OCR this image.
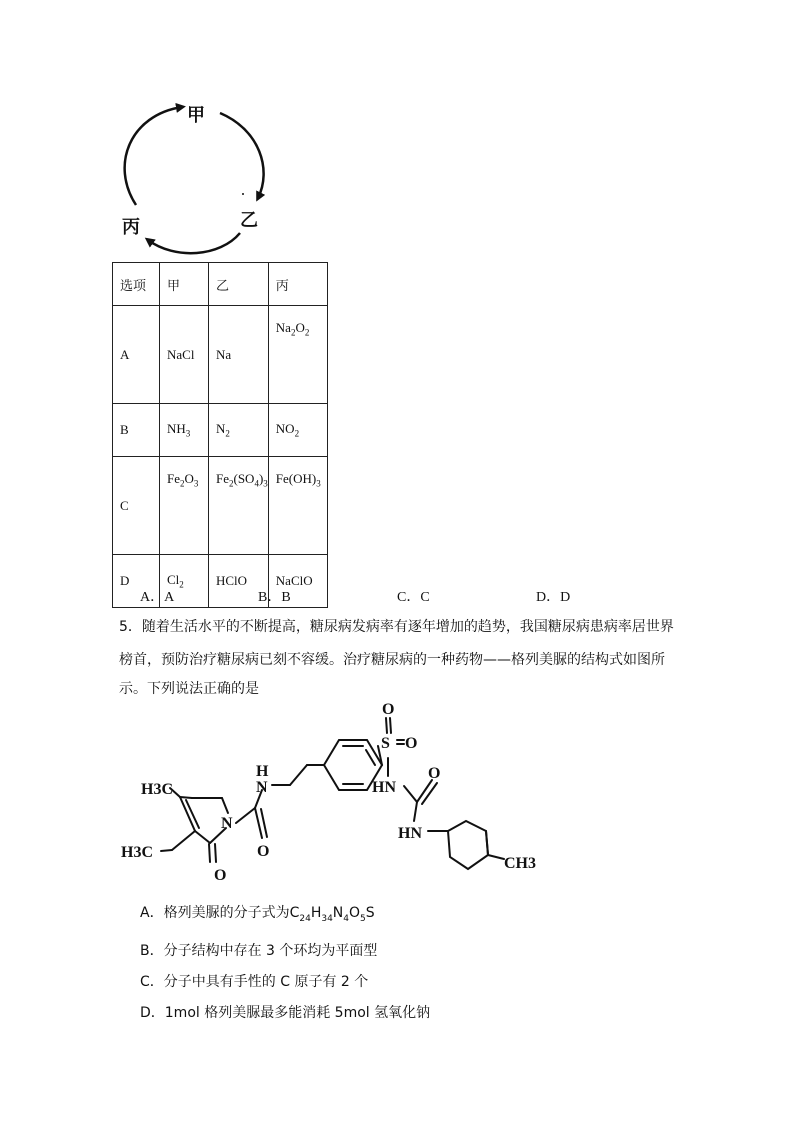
甲
乙
丙
选项	甲	乙	丙
A	NaCl	Na	$Na_2O_2$
B	$NH_3$	$N_2$	$NO_2$
C	$Fe_2O_3$	$Fe_2(SO_4)_3$	$Fe(OH)_3$
D	$Cl_2$	HClO	NaClO
A．A	B．B	C．C	D．D
5．随着生活水平的不断提高，糖尿病发病率有逐年增加的趋势，我国糖尿病患病率居世界
榜首，预防治疗糖尿病已刻不容缓。治疗糖尿病的一种药物——格列美脲的结构式如图所
示。下列说法正确的是
O
O
S
H
N	HN
O
HN
H3C
N
O
H3C
O
CH3
A．格列美脲的分子式为$C_{24}H_{34}N_4O_5S$
B．分子结构中存在 3 个环均为平面型
C．分子中具有手性的 C 原子有 2 个
D．1mol 格列美脲最多能消耗 5mol 氢氧化钠
